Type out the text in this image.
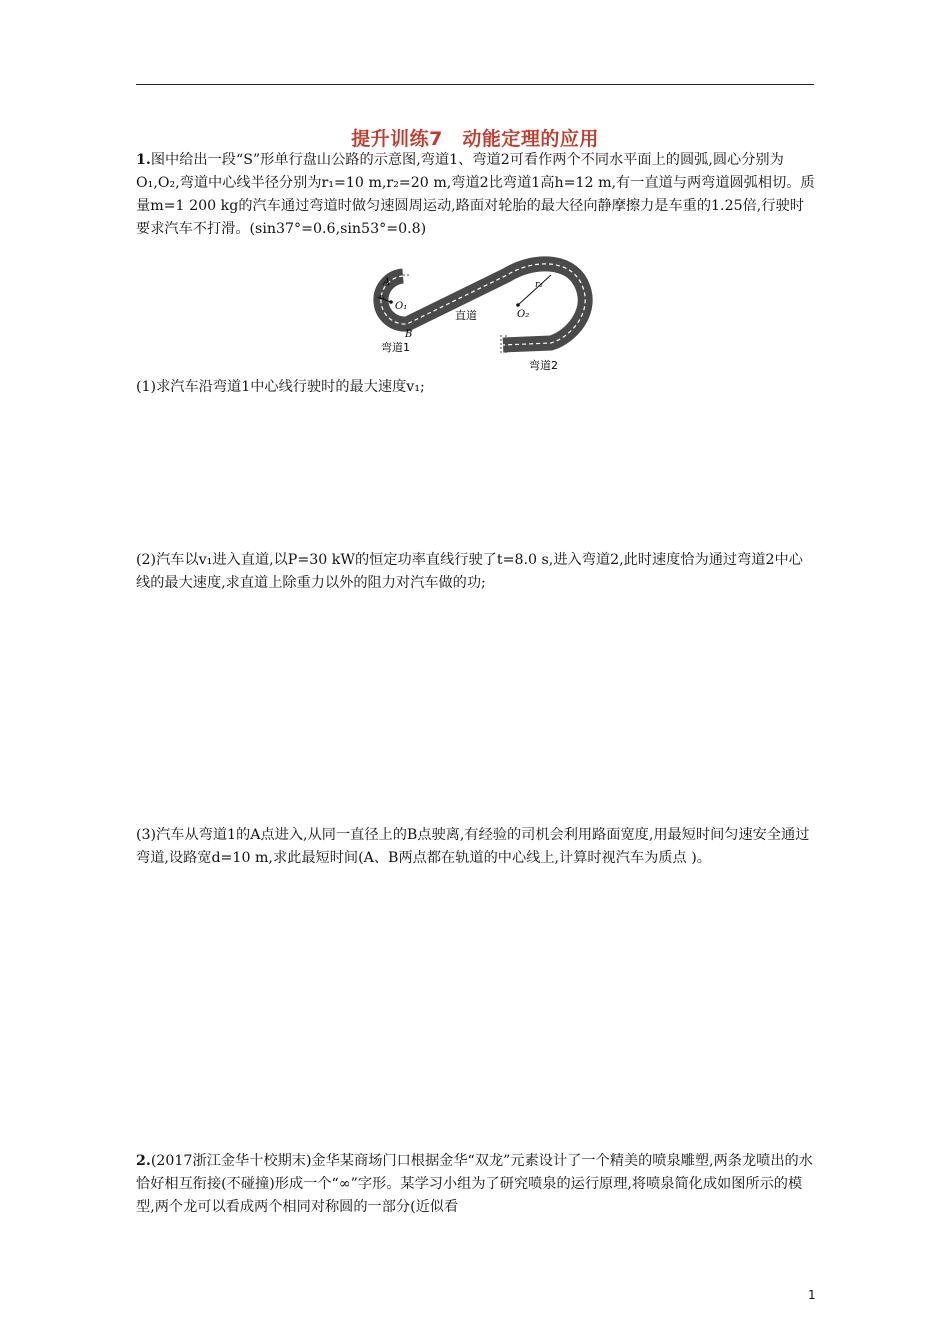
提升训练7　动能定理的应用
1.图中给出一段“S”形单行盘山公路的示意图,弯道1、弯道2可看作两个不同水平面上的圆弧,圆心分别为O₁,O₂,弯道中心线半径分别为r₁=10 m,r₂=20 m,弯道2比弯道1高h=12 m,有一直道与两弯道圆弧相切。质量m=1 200 kg的汽车通过弯道时做匀速圆周运动,路面对轮胎的最大径向静摩擦力是车重的1.25倍,行驶时要求汽车不打滑。(sin37°=0.6,sin53°=0.8)
A
O₁
r₁
B
直道
r₂
O₂
弯道1
弯道2
(1)求汽车沿弯道1中心线行驶时的最大速度v₁;
(2)汽车以v₁进入直道,以P=30 kW的恒定功率直线行驶了t=8.0 s,进入弯道2,此时速度恰为通过弯道2中心线的最大速度,求直道上除重力以外的阻力对汽车做的功;
(3)汽车从弯道1的A点进入,从同一直径上的B点驶离,有经验的司机会利用路面宽度,用最短时间匀速安全通过弯道,设路宽d=10 m,求此最短时间(A、B两点都在轨道的中心线上,计算时视汽车为质点 )。
2.(2017浙江金华十校期末)金华某商场门口根据金华“双龙”元素设计了一个精美的喷泉雕塑,两条龙喷出的水恰好相互衔接(不碰撞)形成一个“∞”字形。某学习小组为了研究喷泉的运行原理,将喷泉简化成如图所示的模型,两个龙可以看成两个相同对称圆的一部分(近似看
1
